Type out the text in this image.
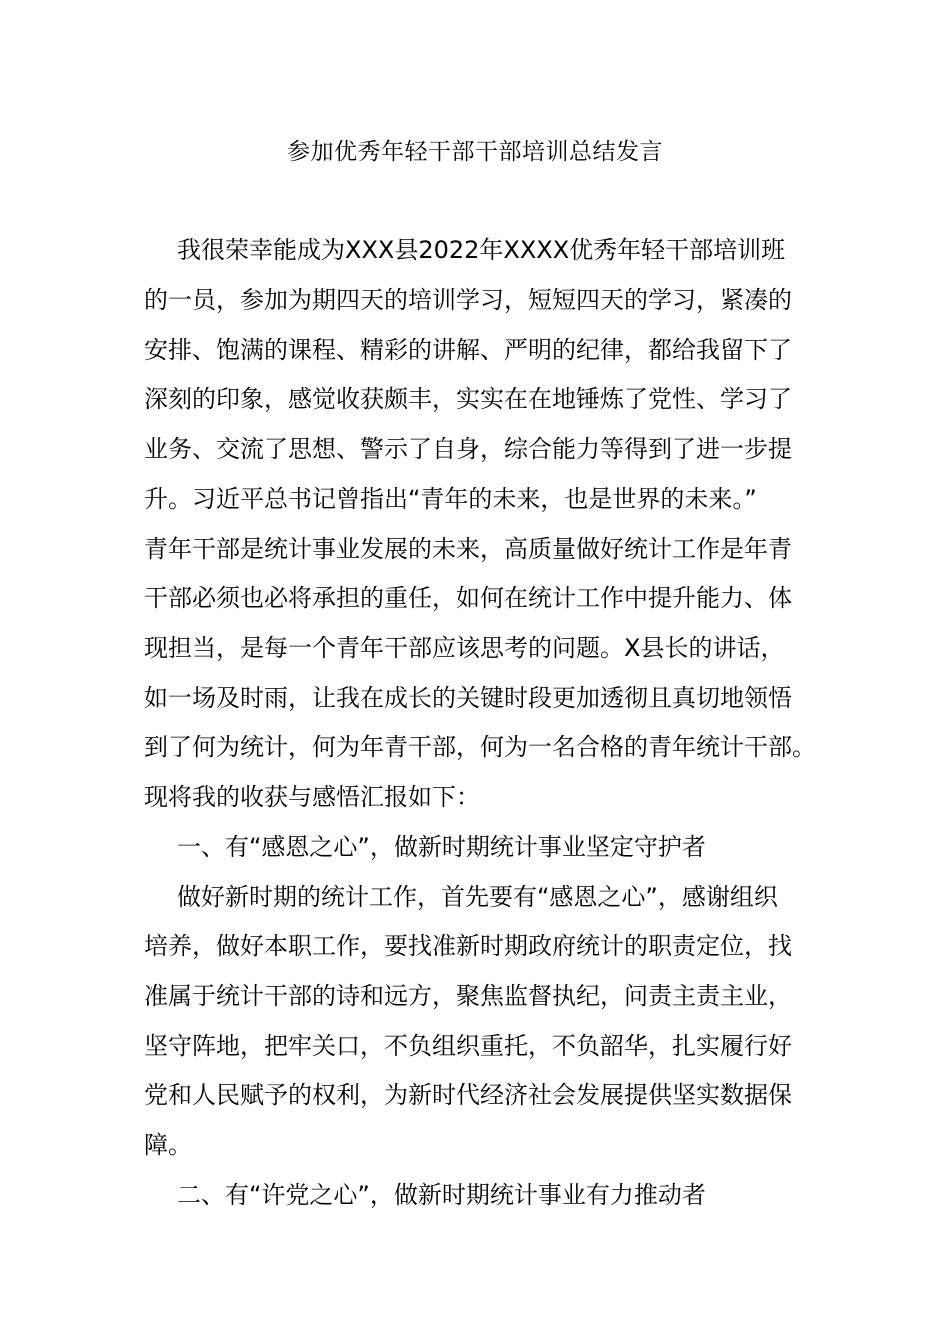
参加优秀年轻干部干部培训总结发言
我很荣幸能成为XXX县2022年XXXX优秀年轻干部培训班
的一员，参加为期四天的培训学习，短短四天的学习，紧凑的
安排、饱满的课程、精彩的讲解、严明的纪律，都给我留下了
深刻的印象，感觉收获颇丰，实实在在地锤炼了党性、学习了
业务、交流了思想、警示了自身，综合能力等得到了进一步提
升。习近平总书记曾指出“青年的未来，也是世界的未来。”
青年干部是统计事业发展的未来，高质量做好统计工作是年青
干部必须也必将承担的重任，如何在统计工作中提升能力、体
现担当，是每一个青年干部应该思考的问题。X县长的讲话，
如一场及时雨，让我在成长的关键时段更加透彻且真切地领悟
到了何为统计，何为年青干部，何为一名合格的青年统计干部。
现将我的收获与感悟汇报如下：
一、有“感恩之心”，做新时期统计事业坚定守护者
做好新时期的统计工作，首先要有“感恩之心”，感谢组织
培养，做好本职工作，要找准新时期政府统计的职责定位，找
准属于统计干部的诗和远方，聚焦监督执纪，问责主责主业，
坚守阵地，把牢关口，不负组织重托，不负韶华，扎实履行好
党和人民赋予的权利，为新时代经济社会发展提供坚实数据保
障。
二、有“许党之心”，做新时期统计事业有力推动者
